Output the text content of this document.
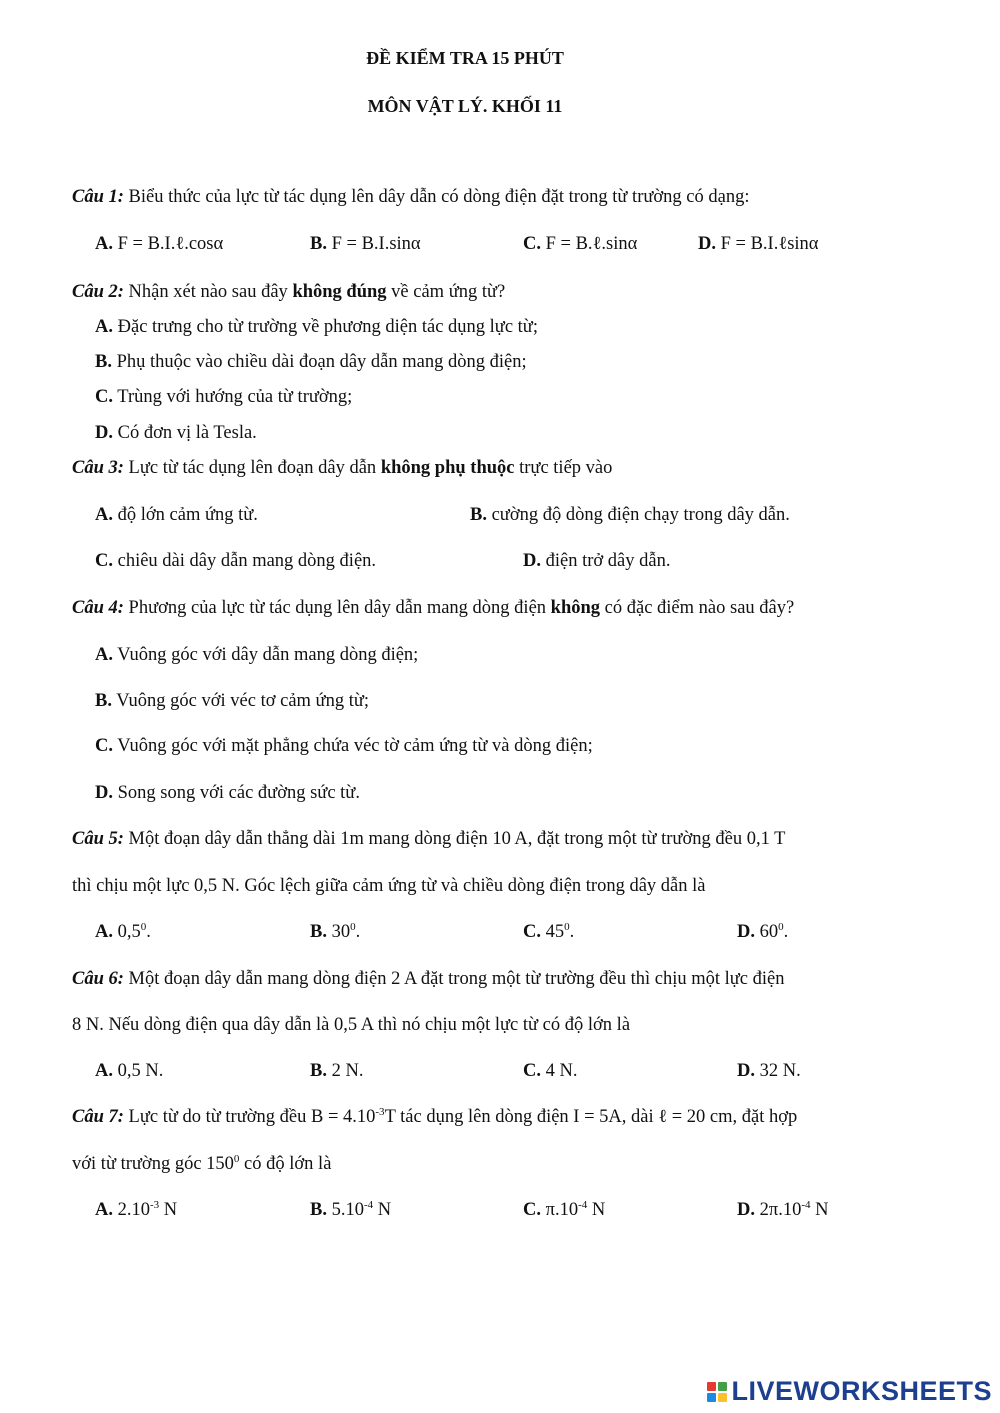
ĐỀ KIỂM TRA 15 PHÚT
MÔN VẬT LÝ. KHỐI 11
Câu 1: Biểu thức của lực từ tác dụng lên dây dẫn có dòng điện đặt trong từ trường có dạng:
A. F = B.I.ℓ.cosα	B. F = B.I.sinα	C. F = B.ℓ.sinα	D. F = B.I.ℓsinα
Câu 2: Nhận xét nào sau đây không đúng về cảm ứng từ?
A. Đặc trưng cho từ trường về phương diện tác dụng lực từ;
B. Phụ thuộc vào chiều dài đoạn dây dẫn mang dòng điện;
C. Trùng với hướng của từ trường;
D. Có đơn vị là Tesla.
Câu 3: Lực từ tác dụng lên đoạn dây dẫn không phụ thuộc trực tiếp vào
A. độ lớn cảm ứng từ.	B. cường độ dòng điện chạy trong dây dẫn.
C. chiêu dài dây dẫn mang dòng điện.	D. điện trở dây dẫn.
Câu 4: Phương của lực từ tác dụng lên dây dẫn mang dòng điện không có đặc điểm nào sau đây?
A. Vuông góc với dây dẫn mang dòng điện;
B. Vuông góc với véc tơ cảm ứng từ;
C. Vuông góc với mặt phẳng chứa véc tờ cảm ứng từ và dòng điện;
D. Song song với các đường sức từ.
Câu 5: Một đoạn dây dẫn thẳng dài 1m mang dòng điện 10 A, đặt trong một từ trường đều 0,1 T
thì chịu một lực 0,5 N. Góc lệch giữa cảm ứng từ và chiều dòng điện trong dây dẫn là
A. $0,5^0$.	B. $30^0$.	C. $45^0$.	D. $60^0$.
Câu 6: Một đoạn dây dẫn mang dòng điện 2 A đặt trong một từ trường đều thì chịu một lực điện
8 N. Nếu dòng điện qua dây dẫn là 0,5 A thì nó chịu một lực từ có độ lớn là
A. 0,5 N.	B. 2 N.	C. 4 N.	D. 32 N.
Câu 7: Lực từ do từ trường đều $B = 4.10^{-3}T$ tác dụng lên dòng điện I = 5A, dài ℓ = 20 cm, đặt hợp
với từ trường góc $150^0$ có độ lớn là
A. $2.10^{-3}$ N	B. $5.10^{-4}$ N	C. $\pi.10^{-4}$ N	D. $2\pi.10^{-4}$ N
LIVEWORKSHEETS
